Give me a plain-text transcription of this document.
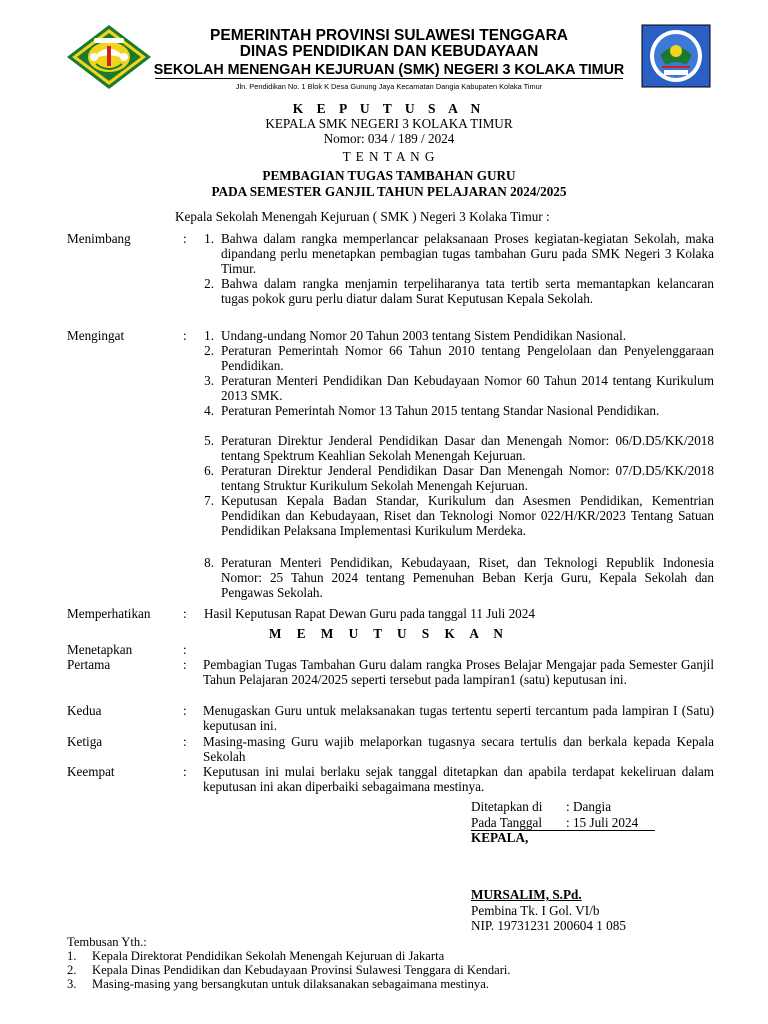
PEMERINTAH PROVINSI SULAWESI TENGGARA
DINAS PENDIDIKAN DAN KEBUDAYAAN
SEKOLAH MENENGAH KEJURUAN (SMK) NEGERI 3 KOLAKA TIMUR
Jln. Pendidikan No. 1 Blok K Desa Gunung Jaya Kecamatan Dangia Kabupaten Kolaka Timur
K E P U T U S A N
KEPALA SMK NEGERI 3 KOLAKA TIMUR
Nomor: 034 / 189 / 2024
T E N T A N G
PEMBAGIAN TUGAS TAMBAHAN GURU
PADA SEMESTER GANJIL TAHUN PELAJARAN 2024/2025
Kepala Sekolah Menengah Kejuruan ( SMK ) Negeri 3 Kolaka Timur :
Menimbang	:	1. Bahwa dalam rangka memperlancar pelaksanaan Proses kegiatan-kegiatan Sekolah, maka dipandang perlu menetapkan pembagian tugas tambahan Guru pada SMK Negeri 3 Kolaka Timur.
2. Bahwa dalam rangka menjamin terpeliharanya tata tertib serta memantapkan kelancaran tugas pokok guru perlu diatur dalam Surat Keputusan Kepala Sekolah.
Mengingat	:	1. Undang-undang Nomor 20 Tahun 2003 tentang Sistem Pendidikan Nasional.
2. Peraturan Pemerintah Nomor 66 Tahun 2010 tentang Pengelolaan dan Penyelenggaraan Pendidikan.
3. Peraturan Menteri Pendidikan Dan Kebudayaan Nomor 60 Tahun 2014 tentang Kurikulum 2013 SMK.
4. Peraturan Pemerintah Nomor 13 Tahun 2015 tentang Standar Nasional Pendidikan.
5. Peraturan Direktur Jenderal Pendidikan Dasar dan Menengah Nomor: 06/D.D5/KK/2018 tentang Spektrum Keahlian Sekolah Menengah Kejuruan.
6. Peraturan Direktur Jenderal Pendidikan Dasar Dan Menengah Nomor: 07/D.D5/KK/2018 tentang Struktur Kurikulum Sekolah Menengah Kejuruan.
7. Keputusan Kepala Badan Standar, Kurikulum dan Asesmen Pendidikan, Kementrian Pendidikan dan Kebudayaan, Riset dan Teknologi Nomor 022/H/KR/2023 Tentang Satuan Pendidikan Pelaksana Implementasi Kurikulum Merdeka.
8. Peraturan Menteri Pendidikan, Kebudayaan, Riset, dan Teknologi Republik Indonesia Nomor: 25 Tahun 2024 tentang Pemenuhan Beban Kerja Guru, Kepala Sekolah dan Pengawas Sekolah.
Memperhatikan : Hasil Keputusan Rapat Dewan Guru pada tanggal 11 Juli 2024
M E M U T U S K A N
Menetapkan	:
Pertama	: Pembagian Tugas Tambahan Guru dalam rangka Proses Belajar Mengajar pada Semester Ganjil Tahun Pelajaran 2024/2025 seperti tersebut pada lampiran1 (satu) keputusan ini.
Kedua	: Menugaskan Guru untuk melaksanakan tugas tertentu seperti tercantum pada lampiran I (Satu) keputusan ini.
Ketiga	: Masing-masing Guru wajib melaporkan tugasnya secara tertulis dan berkala kepada Kepala Sekolah
Keempat	: Keputusan ini mulai berlaku sejak tanggal ditetapkan dan apabila terdapat kekeliruan dalam keputusan ini akan diperbaiki sebagaimana mestinya.
Ditetapkan di : Dangia
Pada Tanggal : 15 Juli 2024
KEPALA,
MURSALIM, S.Pd.
Pembina Tk. I Gol. VI/b
NIP. 19731231 200604 1 085
Tembusan Yth.:
1. Kepala Direktorat Pendidikan Sekolah Menengah Kejuruan di Jakarta
2. Kepala Dinas Pendidikan dan Kebudayaan Provinsi Sulawesi Tenggara di Kendari.
3. Masing-masing yang bersangkutan untuk dilaksanakan sebagaimana mestinya.
